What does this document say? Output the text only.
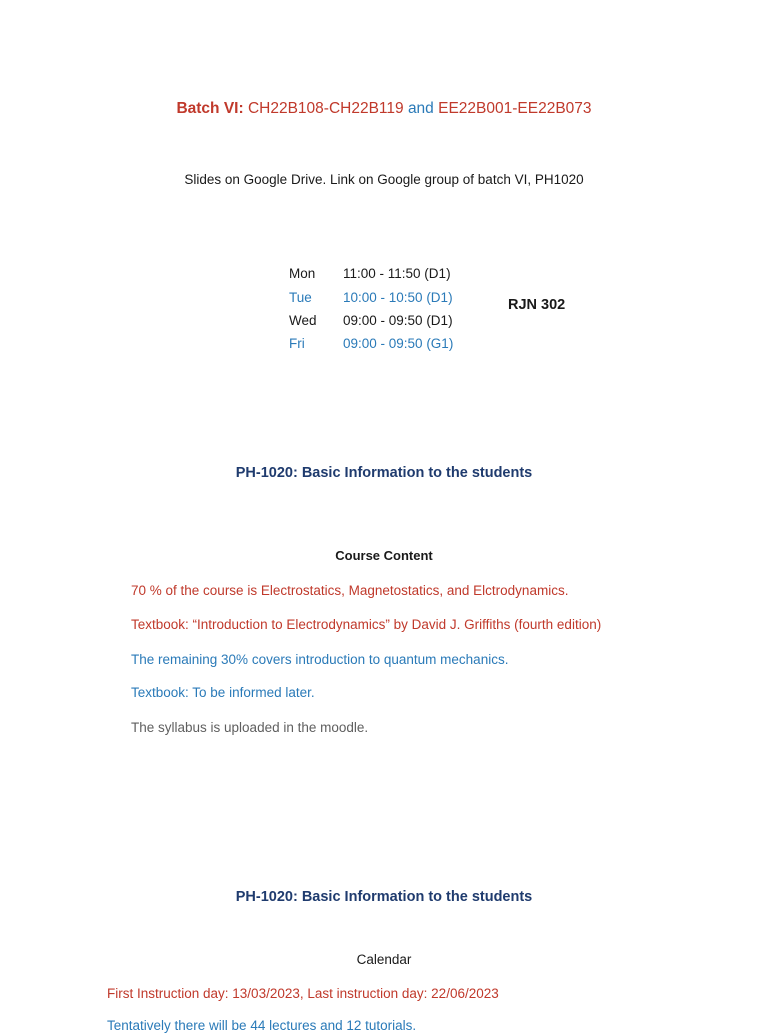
Batch VI: CH22B108-CH22B119 and EE22B001-EE22B073
Slides on Google Drive. Link on Google group of batch VI, PH1020
Mon 11:00 - 11:50 (D1)
Tue 10:00 - 10:50 (D1)
Wed 09:00 - 09:50 (D1)
Fri	09:00 - 09:50 (G1)
RJN 302
PH-1020: Basic Information to the students
Course Content
70 % of the course is Electrostatics, Magnetostatics, and Elctrodynamics.
Textbook: “Introduction to Electrodynamics” by David J. Griffiths (fourth edition)
The remaining 30% covers introduction to quantum mechanics.
Textbook: To be informed later.
The syllabus is uploaded in the moodle.
PH-1020: Basic Information to the students
Calendar
First Instruction day: 13/03/2023, Last instruction day: 22/06/2023
Tentatively there will be 44 lectures and 12 tutorials.
